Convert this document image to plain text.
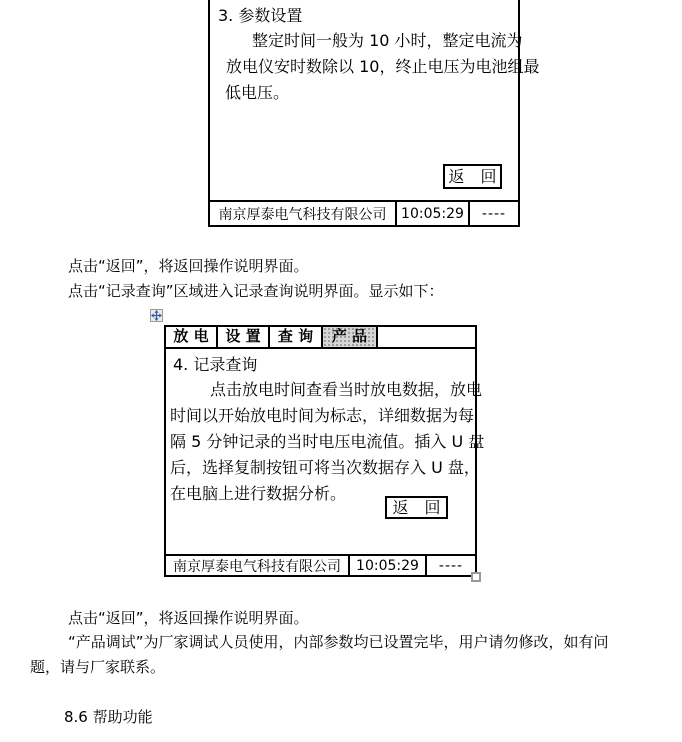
3. 参数设置
整定时间一般为 10 小时，整定电流为
放电仪安时数除以 10，终止电压为电池组最
低电压。
返　回
南京厚泰电气科技有限公司	10:05:29	----
点击“返回”，将返回操作说明界面。
点击“记录查询”区域进入记录查询说明界面。显示如下：
放 电	设 置	查 询	产 品
4. 记录查询
点击放电时间查看当时放电数据，放电
时间以开始放电时间为标志，详细数据为每
隔 5 分钟记录的当时电压电流值。插入 U 盘
后，选择复制按钮可将当次数据存入 U 盘，
在电脑上进行数据分析。
返　回
南京厚泰电气科技有限公司	10:05:29	----
点击“返回”，将返回操作说明界面。
“产品调试”为厂家调试人员使用，内部参数均已设置完毕，用户请勿修改，如有问
题，请与厂家联系。
8.6 帮助功能
